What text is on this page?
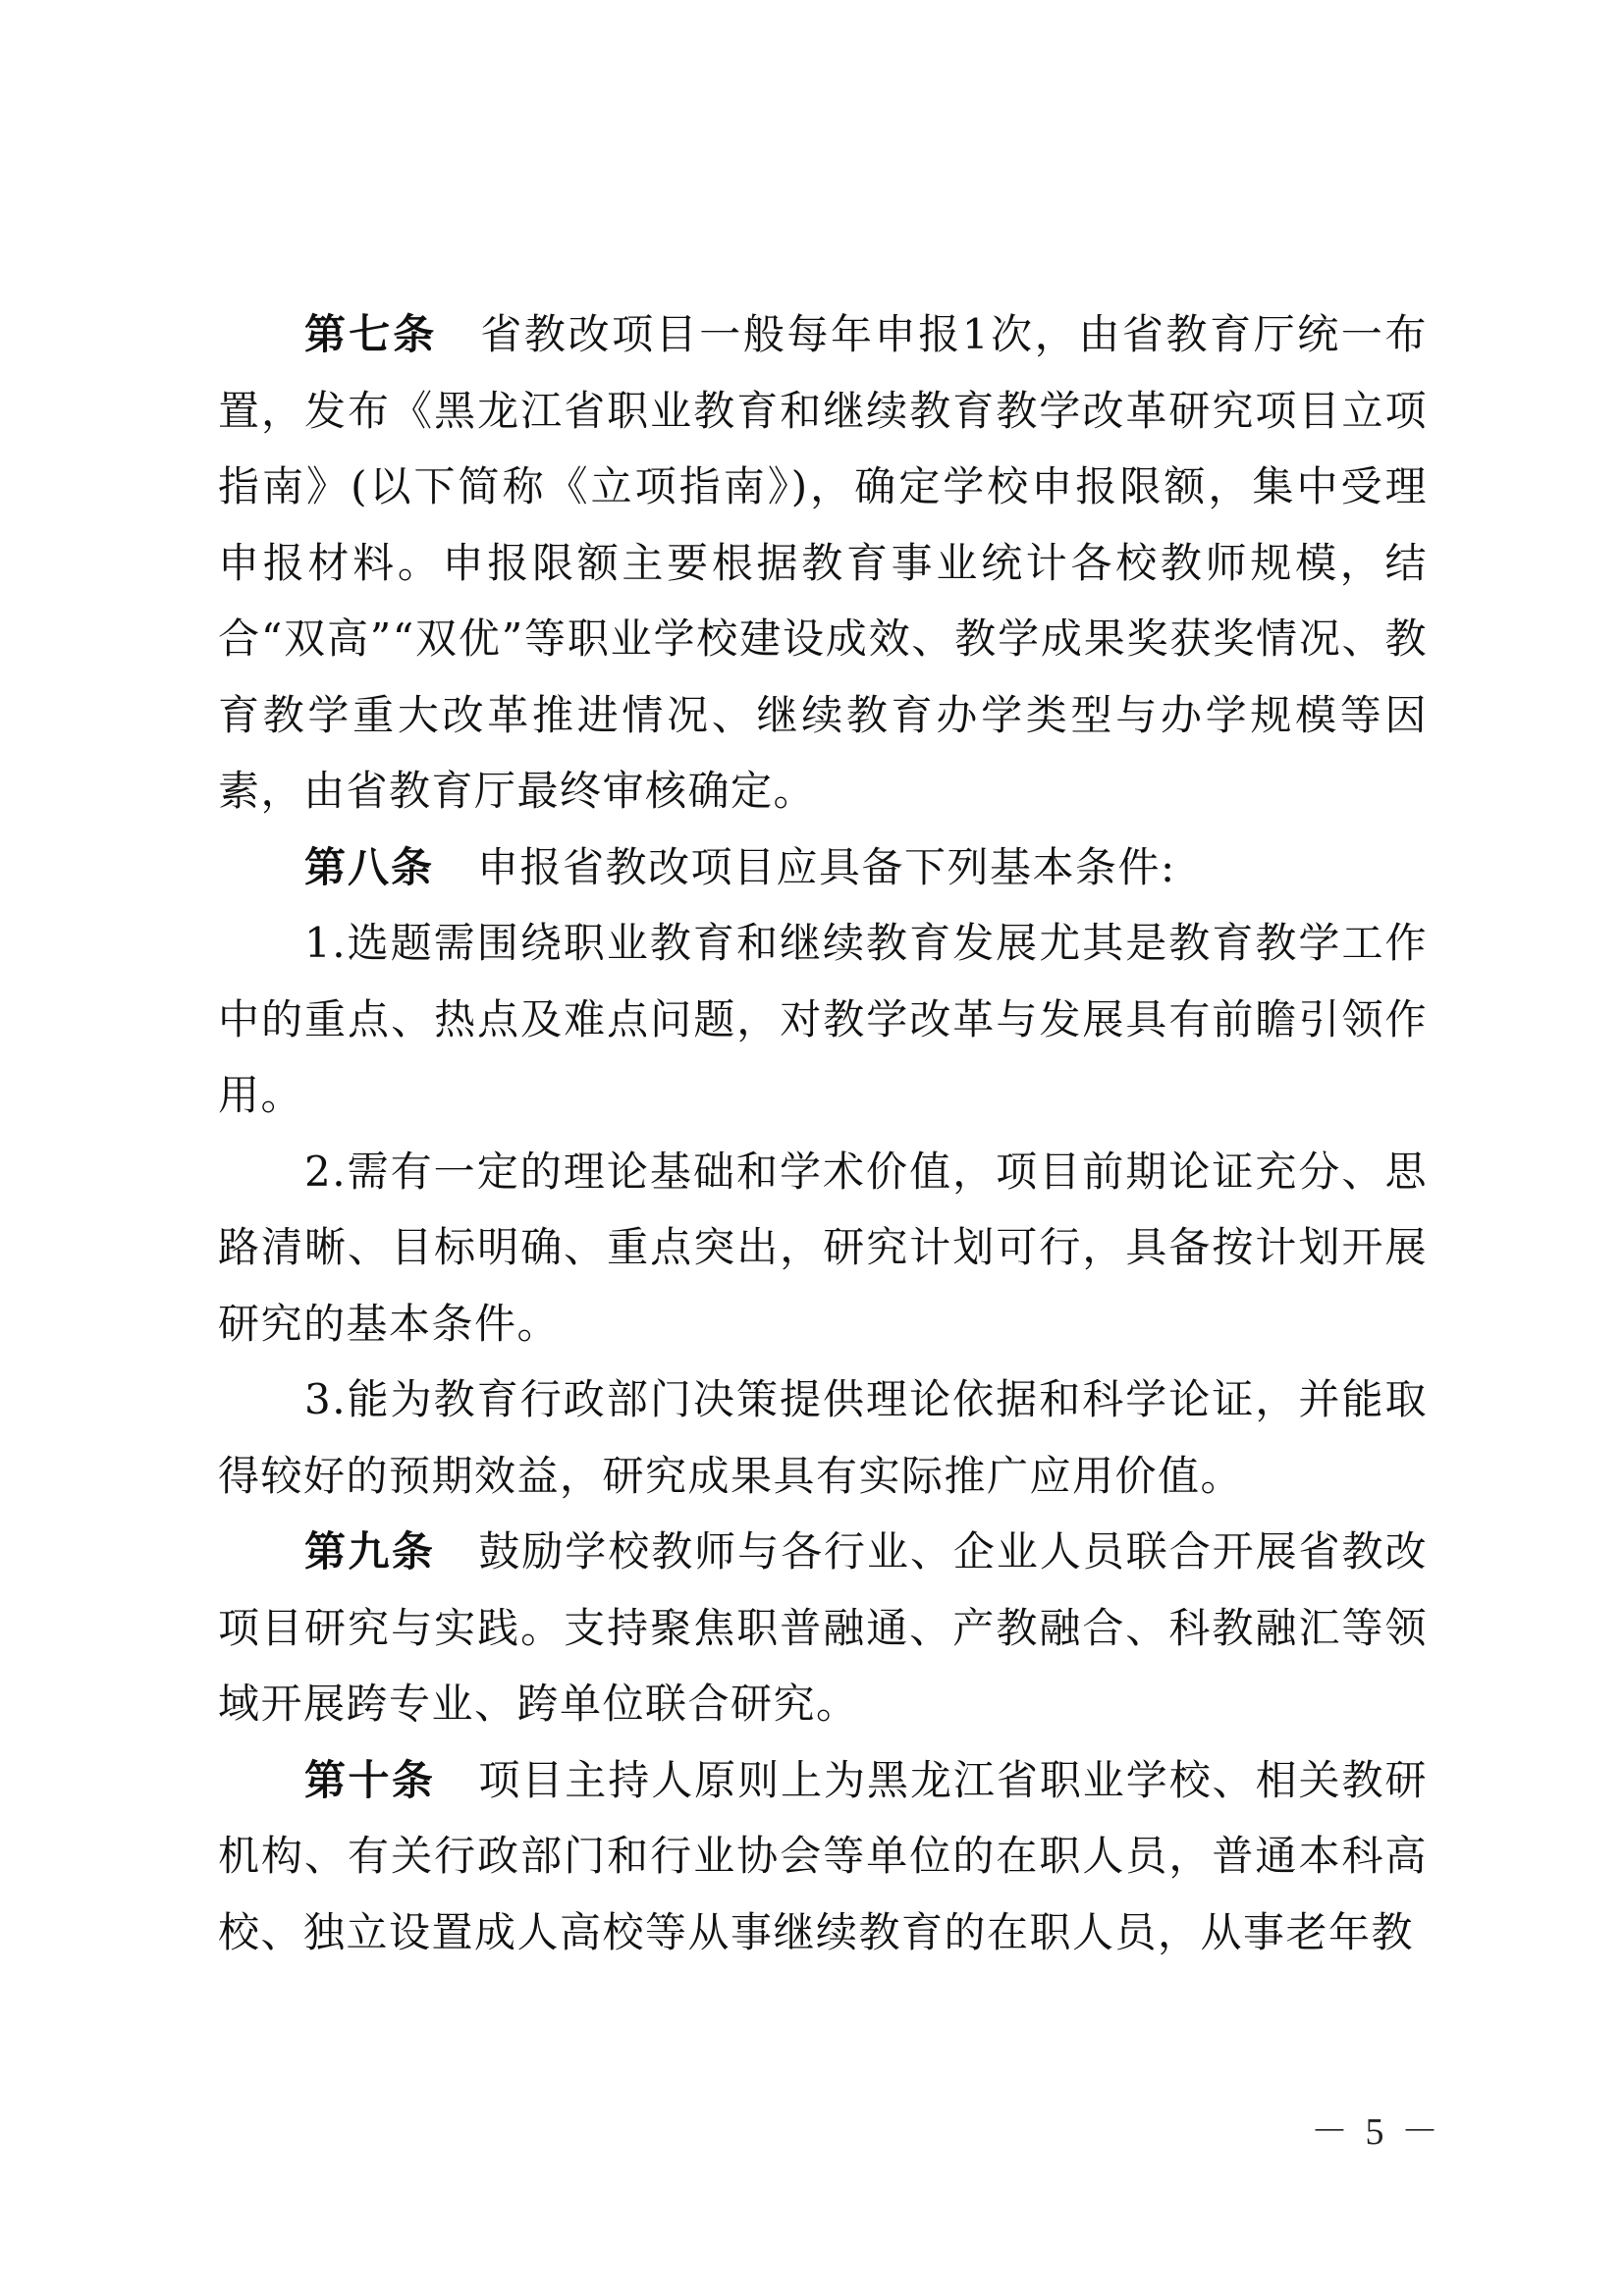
第七条 省教改项目一般每年申报1次，由省教育厅统一布置，发布《黑龙江省职业教育和继续教育教学改革研究项目立项指南》(以下简称《立项指南》)，确定学校申报限额，集中受理申报材料。申报限额主要根据教育事业统计各校教师规模，结合“双高”“双优”等职业学校建设成效、教学成果奖获奖情况、教育教学重大改革推进情况、继续教育办学类型与办学规模等因素，由省教育厅最终审核确定。

第八条 申报省教改项目应具备下列基本条件:

1.选题需围绕职业教育和继续教育发展尤其是教育教学工作中的重点、热点及难点问题，对教学改革与发展具有前瞻引领作用。

2.需有一定的理论基础和学术价值，项目前期论证充分、思路清晰、目标明确、重点突出，研究计划可行，具备按计划开展研究的基本条件。

3.能为教育行政部门决策提供理论依据和科学论证，并能取得较好的预期效益，研究成果具有实际推广应用价值。

第九条 鼓励学校教师与各行业、企业人员联合开展省教改项目研究与实践。支持聚焦职普融通、产教融合、科教融汇等领域开展跨专业、跨单位联合研究。

第十条 项目主持人原则上为黑龙江省职业学校、相关教研机构、有关行政部门和行业协会等单位的在职人员，普通本科高校、独立设置成人高校等从事继续教育的在职人员，从事老年教

－ 5 －
